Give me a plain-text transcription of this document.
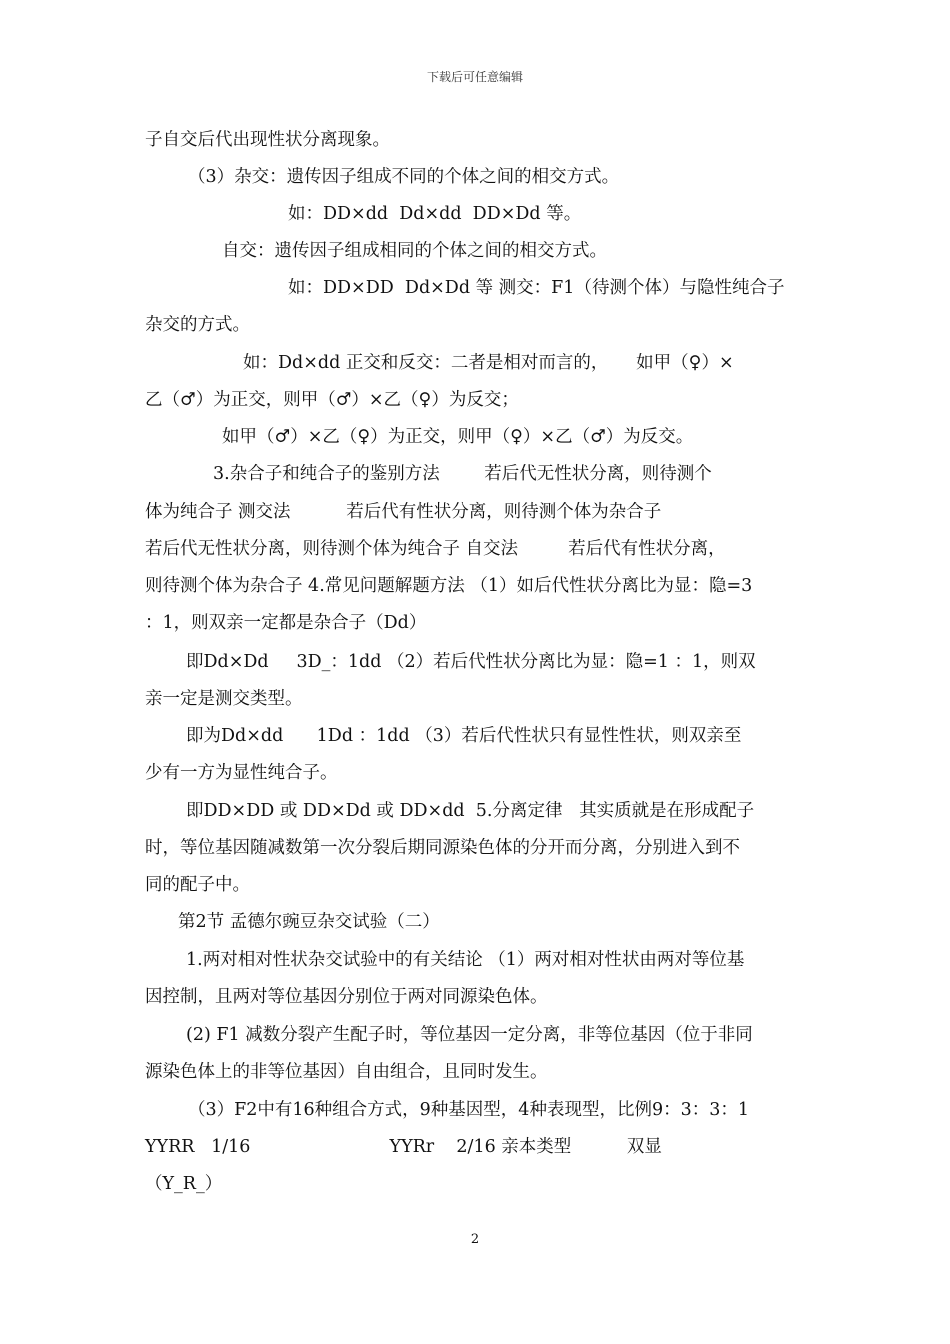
下载后可任意编辑
子自交后代出现性状分离现象。
（3）杂交：遗传因子组成不同的个体之间的相交方式。
如：DD×dd  Dd×dd  DD×Dd 等。
自交：遗传因子组成相同的个体之间的相交方式。
如：DD×DD  Dd×Dd 等 测交：F1（待测个体）与隐性纯合子
杂交的方式。
如：Dd×dd 正交和反交：二者是相对而言的，     如甲（♀）×
乙（♂）为正交，则甲（♂）×乙（♀）为反交；
如甲（♂）×乙（♀）为正交，则甲（♀）×乙（♂）为反交。
3.杂合子和纯合子的鉴别方法        若后代无性状分离，则待测个
体为纯合子 测交法          若后代有性状分离，则待测个体为杂合子
若后代无性状分离，则待测个体为纯合子 自交法         若后代有性状分离，
则待测个体为杂合子 4.常见问题解题方法 （1）如后代性状分离比为显：隐=3
：1，则双亲一定都是杂合子（Dd）
即Dd×Dd     3D_：1dd （2）若后代性状分离比为显：隐=1 ：1，则双
亲一定是测交类型。
即为Dd×dd      1Dd ：1dd （3）若后代性状只有显性性状，则双亲至
少有一方为显性纯合子。
即DD×DD 或 DD×Dd 或 DD×dd  5.分离定律   其实质就是在形成配子
时，等位基因随减数第一次分裂后期同源染色体的分开而分离，分别进入到不
同的配子中。
第2节 孟德尔豌豆杂交试验（二）
1.两对相对性状杂交试验中的有关结论 （1）两对相对性状由两对等位基
因控制，且两对等位基因分别位于两对同源染色体。
(2) F1 减数分裂产生配子时，等位基因一定分离，非等位基因（位于非同
源染色体上的非等位基因）自由组合，且同时发生。
（3）F2中有16种组合方式，9种基因型，4种表现型，比例9：3：3：1
YYRR   1/16                         YYRr    2/16 亲本类型          双显
（Y_R_）
2
